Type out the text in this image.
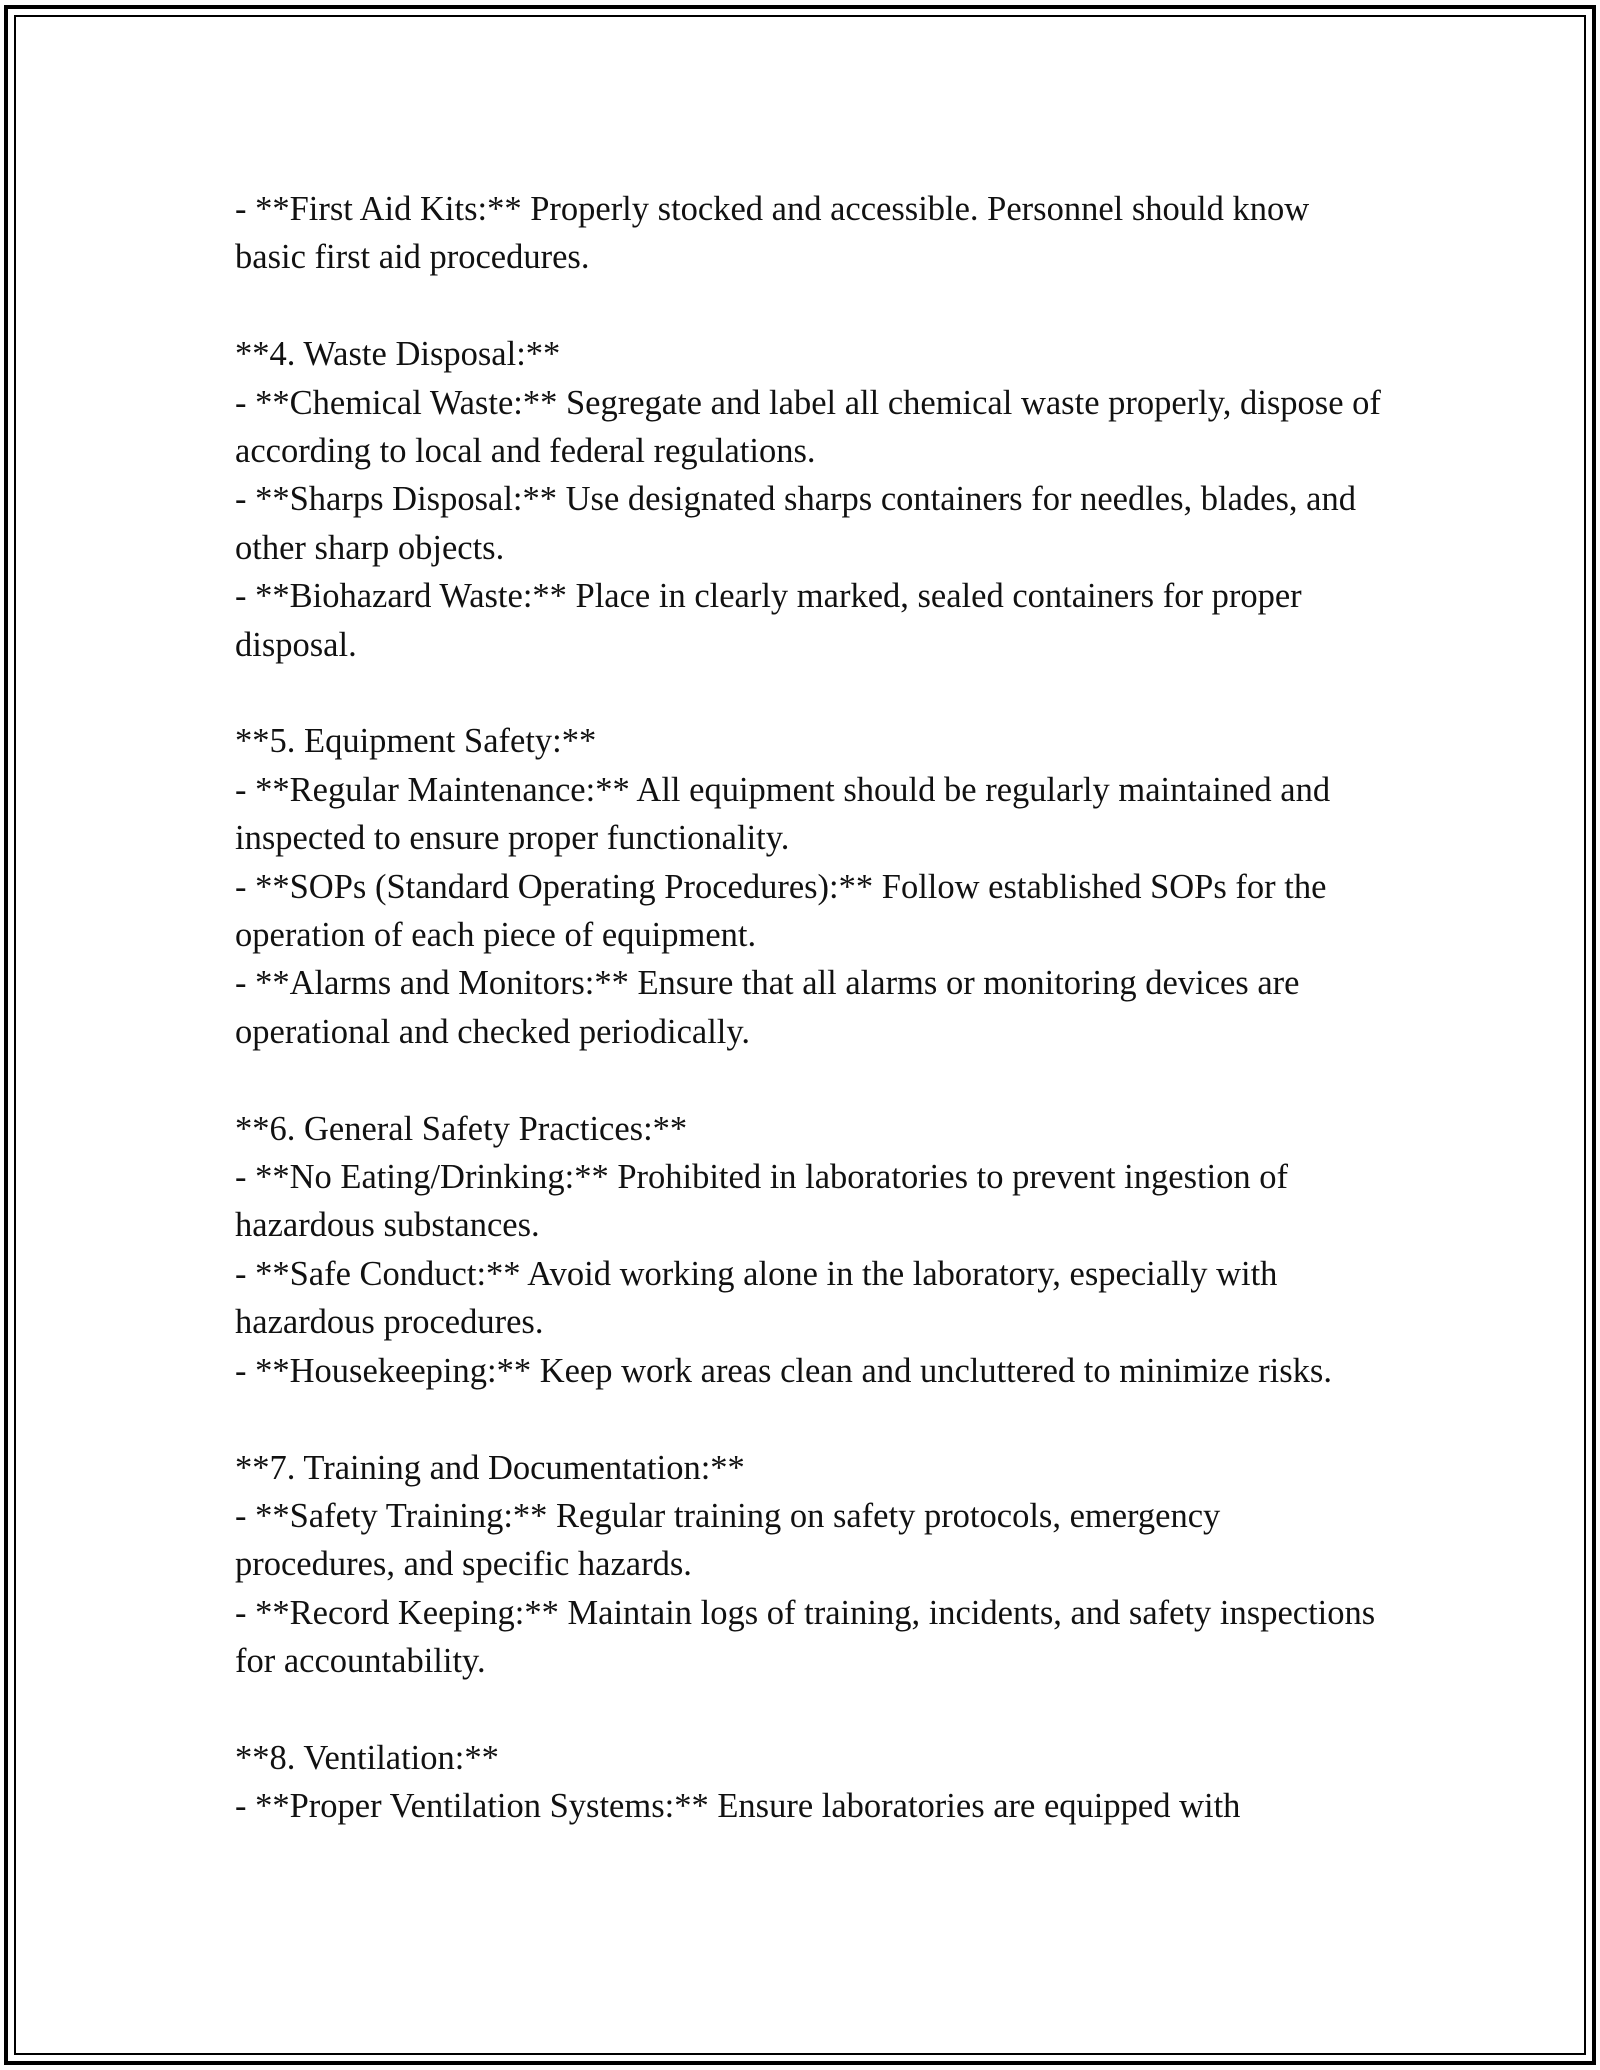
- **First Aid Kits:** Properly stocked and accessible. Personnel should know basic first aid procedures.

**4. Waste Disposal:**

- **Chemical Waste:** Segregate and label all chemical waste properly, dispose of according to local and federal regulations.

- **Sharps Disposal:** Use designated sharps containers for needles, blades, and other sharp objects.

- **Biohazard Waste:** Place in clearly marked, sealed containers for proper disposal.

**5. Equipment Safety:**

- **Regular Maintenance:** All equipment should be regularly maintained and inspected to ensure proper functionality.

- **SOPs (Standard Operating Procedures):** Follow established SOPs for the operation of each piece of equipment.

- **Alarms and Monitors:** Ensure that all alarms or monitoring devices are operational and checked periodically.

**6. General Safety Practices:**

- **No Eating/Drinking:** Prohibited in laboratories to prevent ingestion of hazardous substances.

- **Safe Conduct:** Avoid working alone in the laboratory, especially with hazardous procedures.

- **Housekeeping:** Keep work areas clean and uncluttered to minimize risks.

**7. Training and Documentation:**

- **Safety Training:** Regular training on safety protocols, emergency procedures, and specific hazards.

- **Record Keeping:** Maintain logs of training, incidents, and safety inspections for accountability.

**8. Ventilation:**

- **Proper Ventilation Systems:** Ensure laboratories are equipped with
